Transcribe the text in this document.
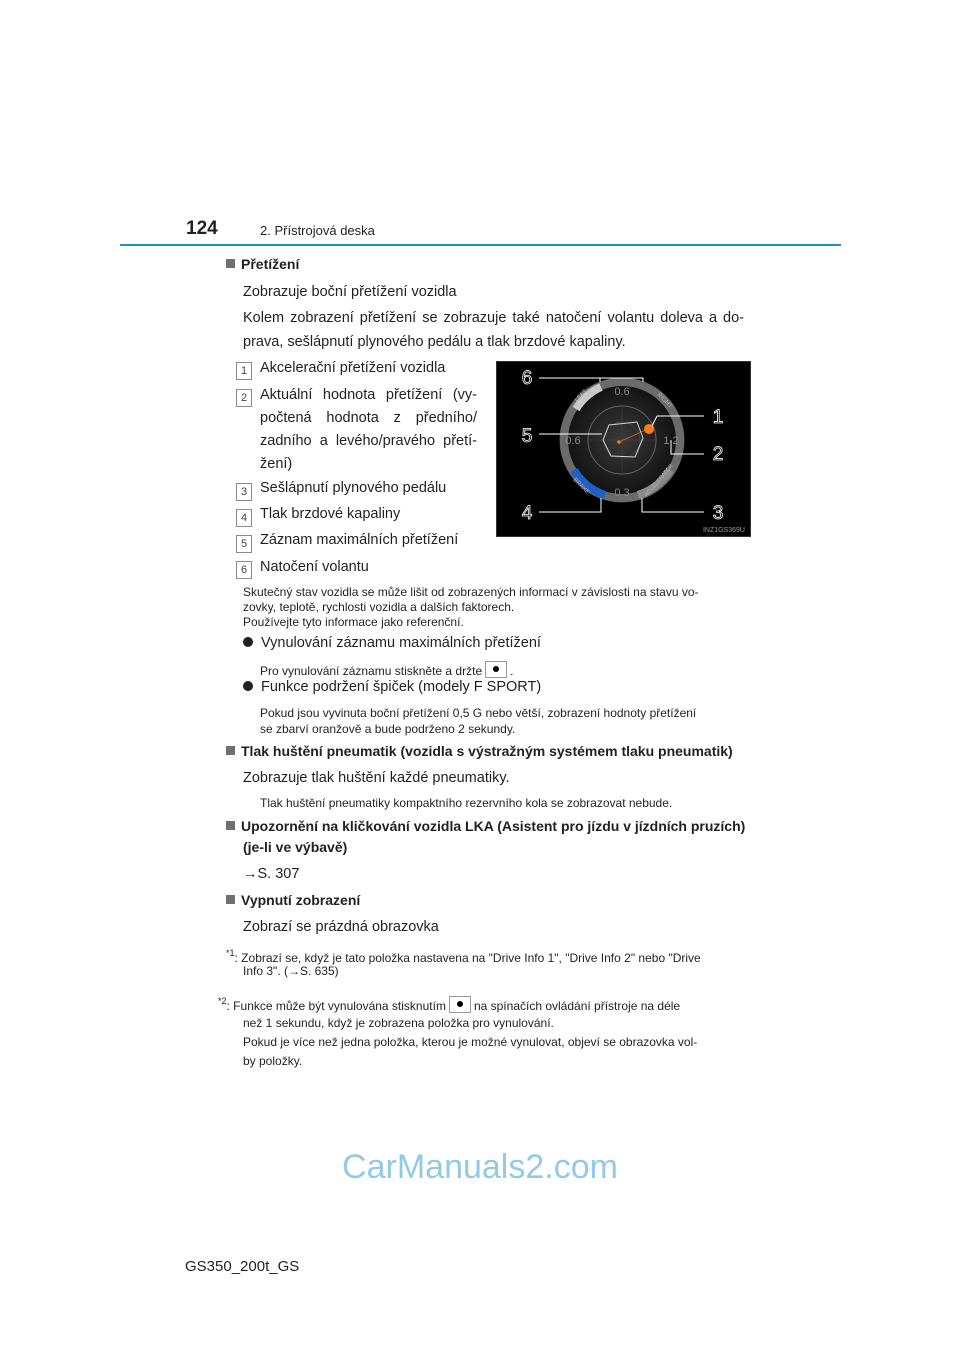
124	2. Přístrojová deska
Přetížení
Zobrazuje boční přetížení vozidla
Kolem zobrazení přetížení se zobrazuje také natočení volantu doleva a do-
prava, sešlápnutí plynového pedálu a tlak brzdové kapaliny.
1 Akcelerační přetížení vozidla
2 Aktuální hodnota přetížení (vy-
počtená hodnota z předního/
zadního a levého/pravého přetí-
žení)
3 Sešlápnutí plynového pedálu
4 Tlak brzdové kapaliny
5 Záznam maximálních přetížení
6 Natočení volantu
0.6
0.6	1.2
0.3
LEFT	RIGHT
BRAKE	ACCELERATOR
6
5
4
1
2
3
INZ1GS369U
Skutečný stav vozidla se může lišit od zobrazených informací v závislosti na stavu vo-
zovky, teplotě, rychlosti vozidla a dalších faktorech.
Používejte tyto informace jako referenční.
Vynulování záznamu maximálních přetížení
Pro vynulování záznamu stiskněte a držte .
Funkce podržení špiček (modely F SPORT)
Pokud jsou vyvinuta boční přetížení 0,5 G nebo větší, zobrazení hodnoty přetížení
se zbarví oranžově a bude podrženo 2 sekundy.
Tlak huštění pneumatik (vozidla s výstražným systémem tlaku pneumatik)
Zobrazuje tlak huštění každé pneumatiky.
Tlak huštění pneumatiky kompaktního rezervního kola se zobrazovat nebude.
Upozornění na kličkování vozidla LKA (Asistent pro jízdu v jízdních pruzích)
(je-li ve výbavě)
→S. 307
Vypnutí zobrazení
Zobrazí se prázdná obrazovka
$^{*1}$: Zobrazí se, když je tato položka nastavena na "Drive Info 1", "Drive Info 2" nebo "Drive
Info 3". (→S. 635)
$^{*2}$: Funkce může být vynulována stisknutím na spínačích ovládání přístroje na déle
než 1 sekundu, když je zobrazena položka pro vynulování.
Pokud je více než jedna položka, kterou je možné vynulovat, objeví se obrazovka vol-
by položky.
CarManuals2.com
GS350_200t_GS
